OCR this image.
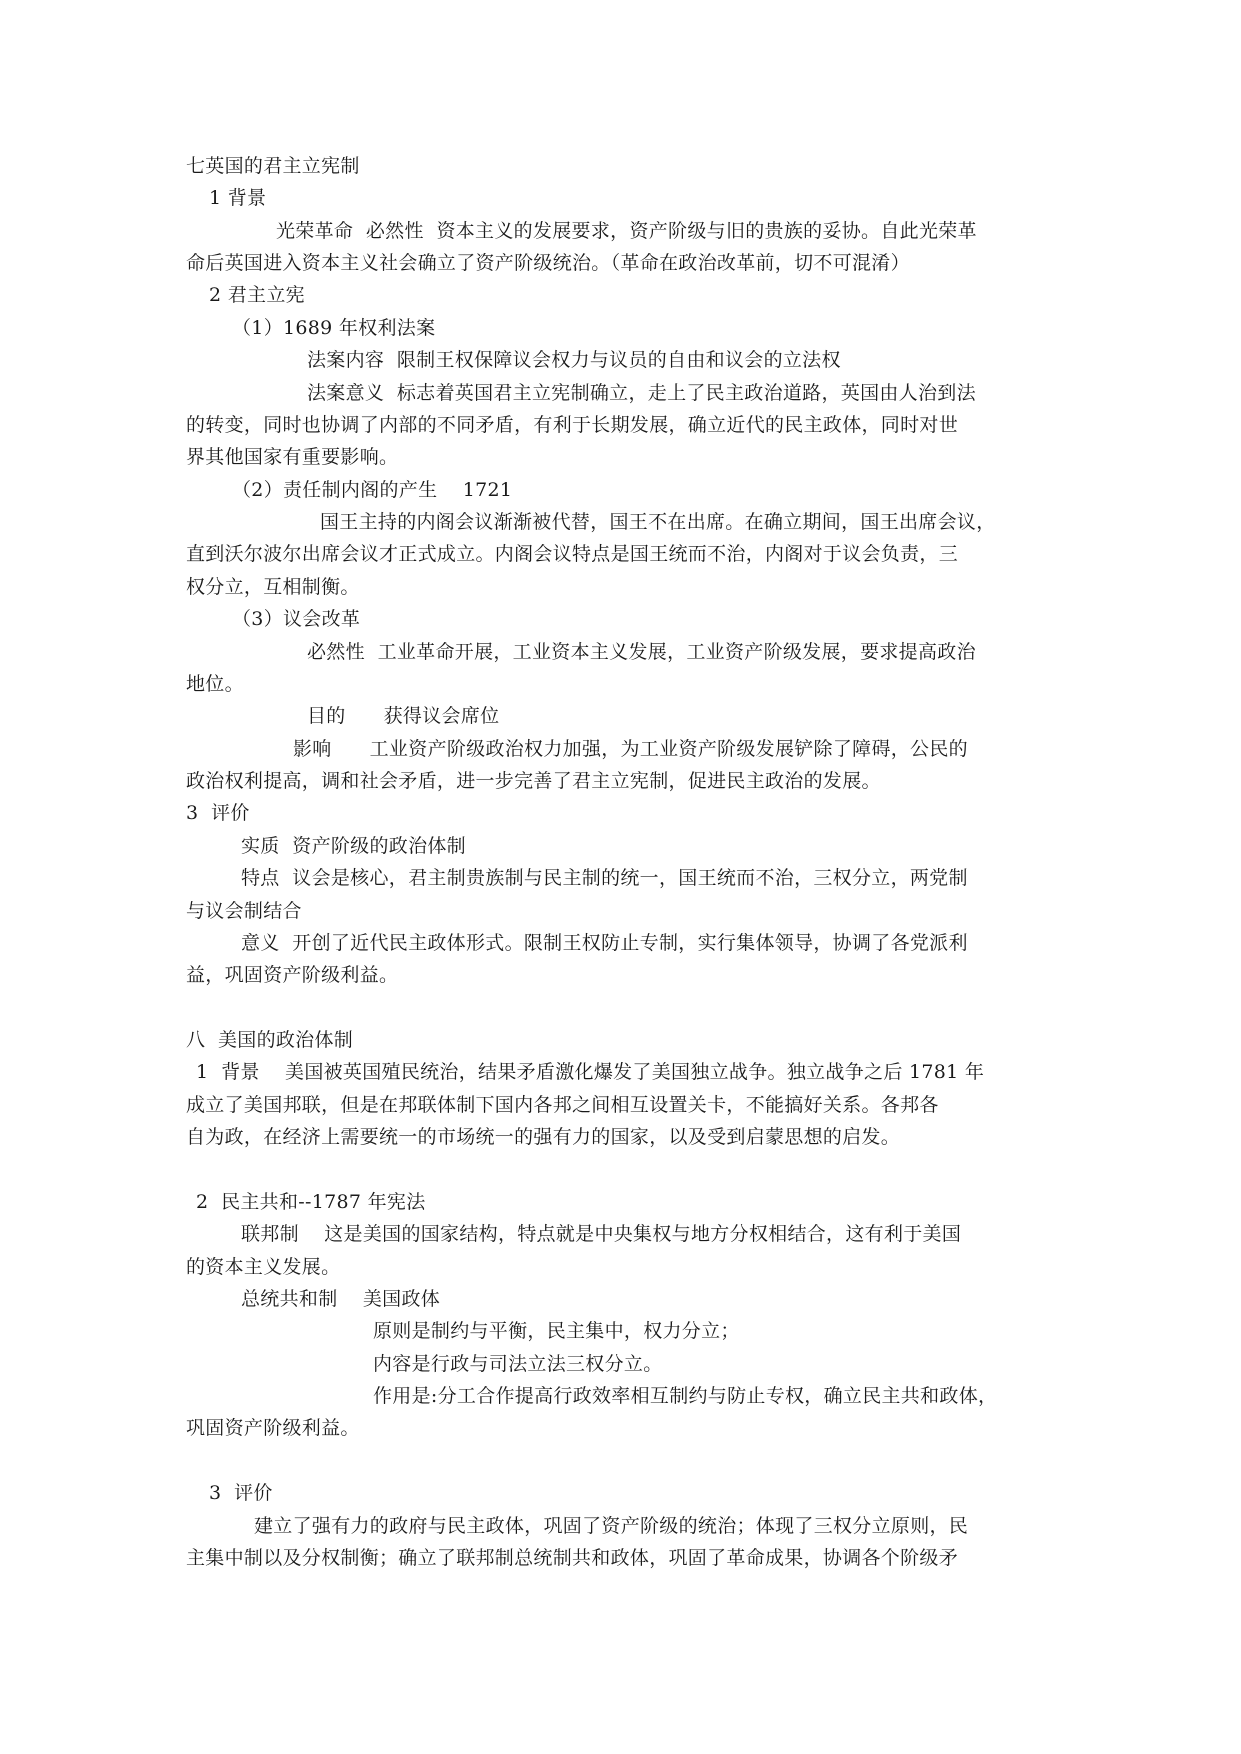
七英国的君主立宪制
1 背景
光荣革命  必然性  资本主义的发展要求，资产阶级与旧的贵族的妥协。自此光荣革
命后英国进入资本主义社会确立了资产阶级统治。（革命在政治改革前，切不可混淆）
2 君主立宪
（1）1689 年权利法案
法案内容  限制王权保障议会权力与议员的自由和议会的立法权
法案意义  标志着英国君主立宪制确立，走上了民主政治道路，英国由人治到法
的转变，同时也协调了内部的不同矛盾，有利于长期发展，确立近代的民主政体，同时对世
界其他国家有重要影响。
（2）责任制内阁的产生    1721
国王主持的内阁会议渐渐被代替，国王不在出席。在确立期间，国王出席会议，
直到沃尔波尔出席会议才正式成立。内阁会议特点是国王统而不治，内阁对于议会负责，三
权分立，互相制衡。
（3）议会改革
必然性  工业革命开展，工业资本主义发展，工业资产阶级发展，要求提高政治
地位。
目的      获得议会席位
影响      工业资产阶级政治权力加强，为工业资产阶级发展铲除了障碍，公民的
政治权利提高，调和社会矛盾，进一步完善了君主立宪制，促进民主政治的发展。
3  评价
实质  资产阶级的政治体制
特点  议会是核心，君主制贵族制与民主制的统一，国王统而不治，三权分立，两党制
与议会制结合
意义  开创了近代民主政体形式。限制王权防止专制，实行集体领导，协调了各党派利
益，巩固资产阶级利益。
八  美国的政治体制
1  背景    美国被英国殖民统治，结果矛盾激化爆发了美国独立战争。独立战争之后 1781 年
成立了美国邦联，但是在邦联体制下国内各邦之间相互设置关卡，不能搞好关系。各邦各
自为政，在经济上需要统一的市场统一的强有力的国家，以及受到启蒙思想的启发。
2  民主共和--1787 年宪法
联邦制    这是美国的国家结构，特点就是中央集权与地方分权相结合，这有利于美国
的资本主义发展。
总统共和制    美国政体
原则是制约与平衡，民主集中，权力分立；
内容是行政与司法立法三权分立。
作用是:分工合作提高行政效率相互制约与防止专权，确立民主共和政体，
巩固资产阶级利益。
3  评价
建立了强有力的政府与民主政体，巩固了资产阶级的统治；体现了三权分立原则，民
主集中制以及分权制衡；确立了联邦制总统制共和政体，巩固了革命成果，协调各个阶级矛
